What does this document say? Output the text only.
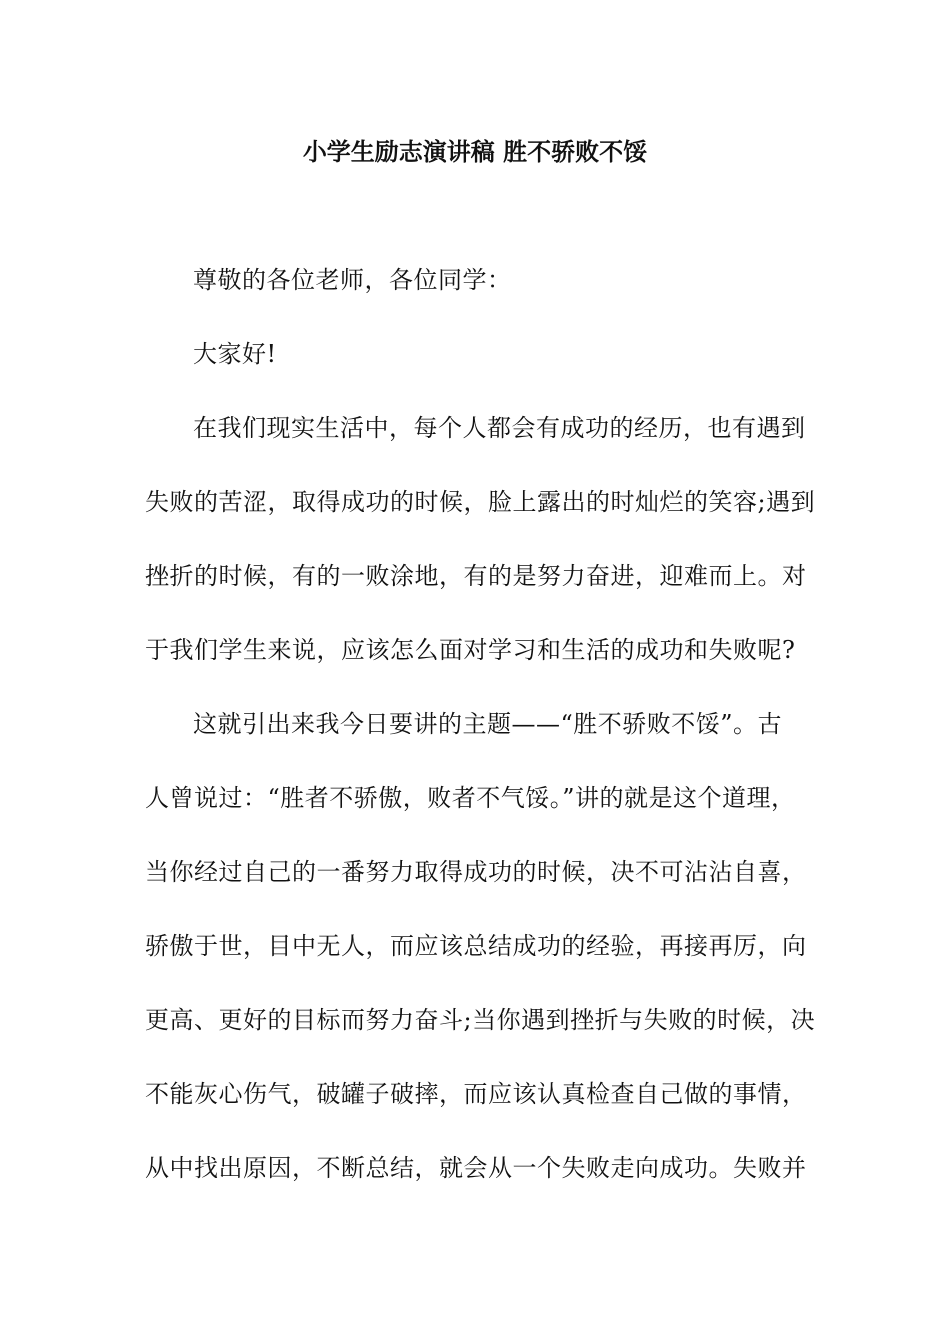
小学生励志演讲稿 胜不骄败不馁
尊敬的各位老师，各位同学：
大家好!
在我们现实生活中，每个人都会有成功的经历，也有遇到
失败的苦涩，取得成功的时候，脸上露出的时灿烂的笑容;遇到
挫折的时候，有的一败涂地，有的是努力奋进，迎难而上。对
于我们学生来说，应该怎么面对学习和生活的成功和失败呢?
这就引出来我今日要讲的主题——“胜不骄败不馁”。古
人曾说过：“胜者不骄傲，败者不气馁。”讲的就是这个道理，
当你经过自己的一番努力取得成功的时候，决不可沾沾自喜，
骄傲于世，目中无人，而应该总结成功的经验，再接再厉，向
更高、更好的目标而努力奋斗;当你遇到挫折与失败的时候，决
不能灰心伤气，破罐子破摔，而应该认真检查自己做的事情，
从中找出原因，不断总结，就会从一个失败走向成功。失败并
